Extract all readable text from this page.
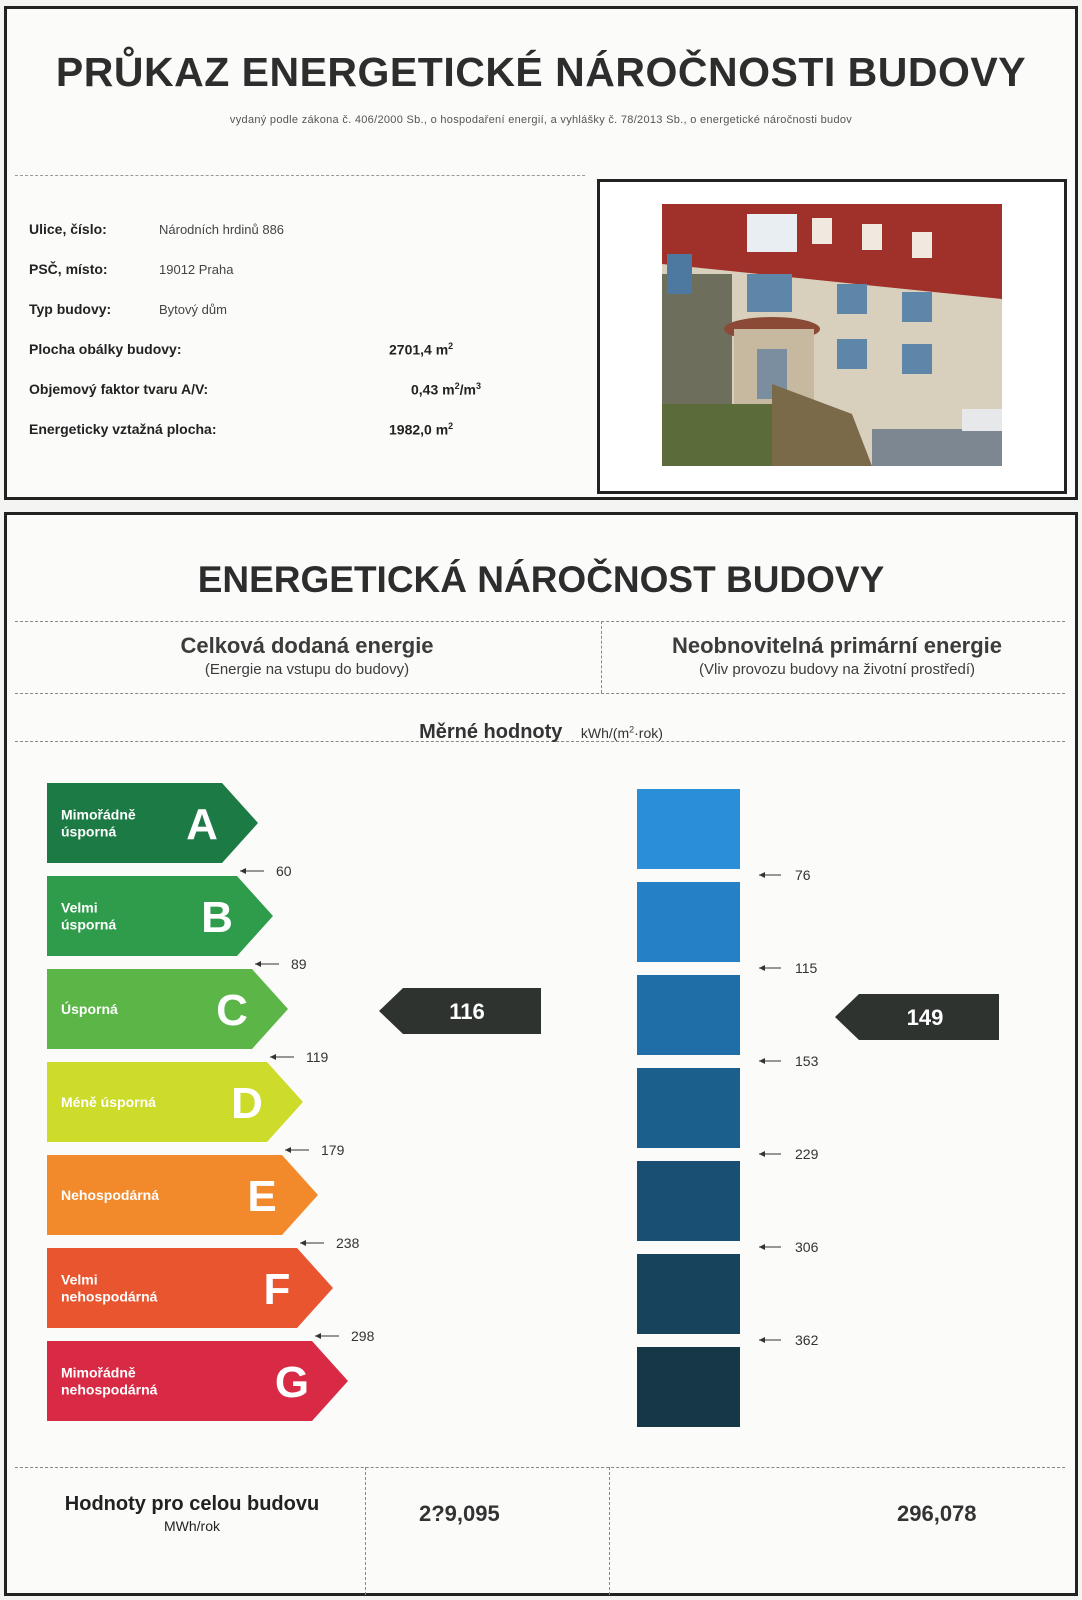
PRŮKAZ ENERGETICKÉ NÁROČNOSTI BUDOVY
vydaný podle zákona č. 406/2000 Sb., o hospodaření energií, a vyhlášky č. 78/2013 Sb., o energetické náročnosti budov
Ulice, číslo:	Národních hrdinů 886
PSČ, místo:	19012 Praha
Typ budovy:	Bytový dům
Plocha obálky budovy:	2701,4 $m^2$
Objemový faktor tvaru A/V:	0,43 $m^2/m^3$
Energeticky vztažná plocha:	1982,0 $m^2$
ENERGETICKÁ NÁROČNOST BUDOVY
Celková dodaná energie
(Energie na vstupu do budovy)
Neobnovitelná primární energie
(Vliv provozu budovy na životní prostředí)
Měrné hodnoty kWh/$(m^2\cdot rok)$
Mimořádně
úsporná A
60
Velmi
úsporná B
89
Úsporná C
119
Méně úsporná D
179
Nehospodárná E
238
Velmi
nehospodárná F
298
Mimořádně
nehospodárná	G
116
76
115
153
229
306
362
149
Hodnoty pro celou budovu
MWh/rok	2?9,095	296,078
